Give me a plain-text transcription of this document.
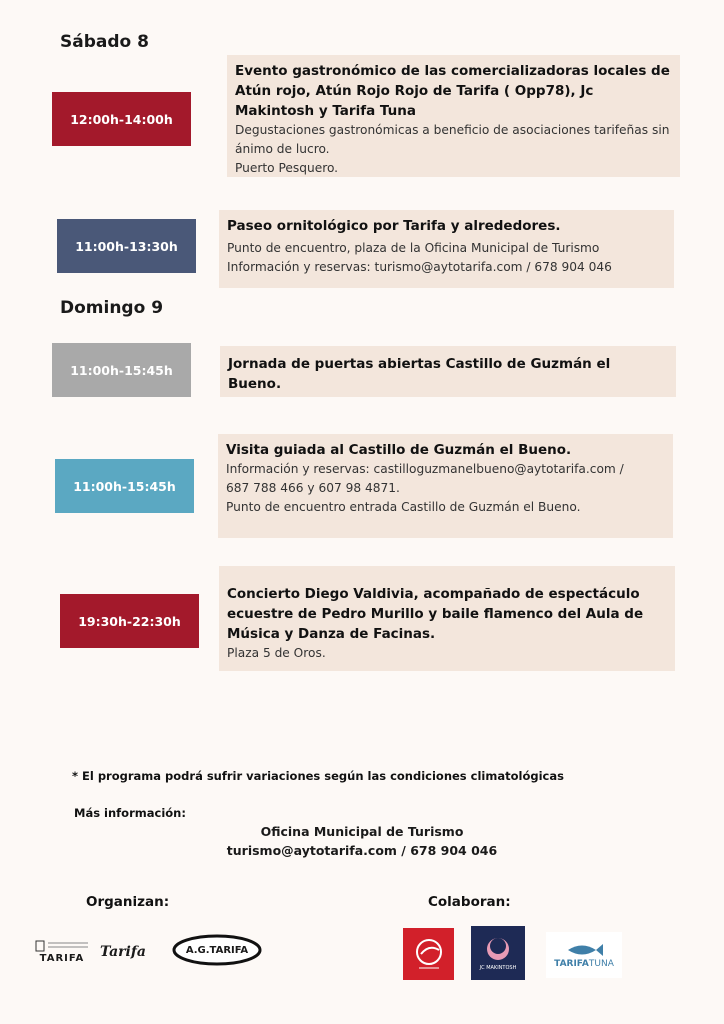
Sábado 8
Domingo 9
Evento gastronómico de las comercializadoras locales de Atún rojo, Atún Rojo Rojo de Tarifa ( Opp78), Jc Makintosh y Tarifa Tuna
Degustaciones gastronómicas a beneficio de asociaciones tarifeñas sin ánimo de lucro.
Puerto Pesquero.
12:00h-14:00h
Paseo ornitológico por Tarifa y alrededores.
Punto de encuentro, plaza de la Oficina Municipal de Turismo
Información y reservas: turismo@aytotarifa.com / 678 904 046
11:00h-13:30h
Jornada de puertas abiertas Castillo de Guzmán el Bueno.
11:00h-15:45h
Visita guiada al Castillo de Guzmán el Bueno.
Información y reservas: castilloguzmanelbueno@aytotarifa.com /
687 788 466 y 607 98 4871.
Punto de encuentro entrada Castillo de Guzmán el Bueno.
11:00h-15:45h
Concierto Diego Valdivia, acompañado de espectáculo ecuestre de Pedro Murillo y baile flamenco del Aula de Música y Danza de Facinas.
Plaza 5 de Oros.
19:30h-22:30h
* El programa podrá sufrir variaciones según las condiciones climatológicas
Más información:
Oficina Municipal de Turismo
turismo@aytotarifa.com / 678 904 046
Organizan:	Colaboran:
TARIFA Tarifa	A.G.TARIFA
JC MAKINTOSH	TARIFATUNA
